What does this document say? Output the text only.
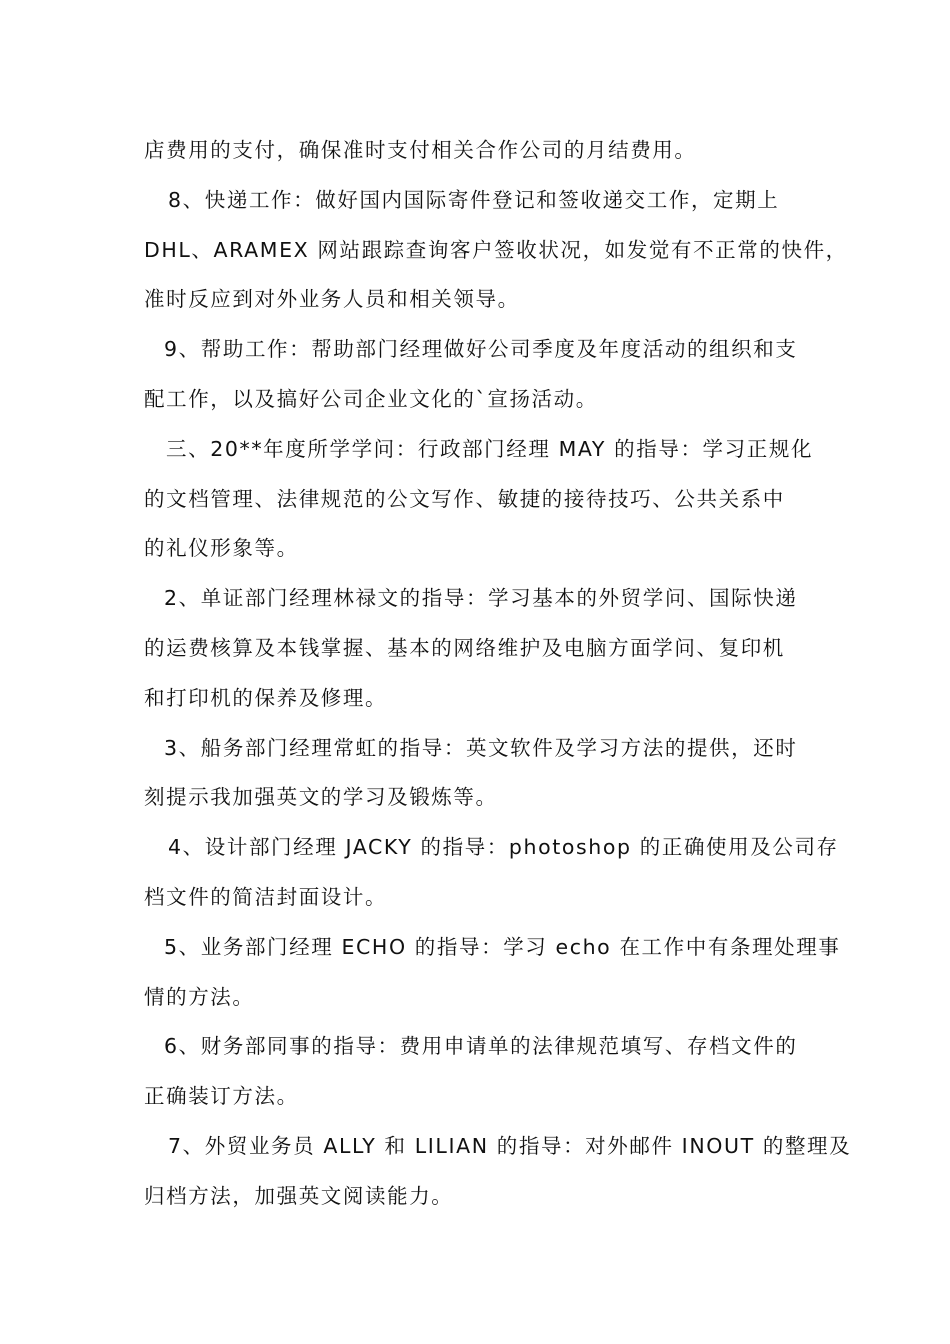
店费用的支付，确保准时支付相关合作公司的月结费用。
8、快递工作：做好国内国际寄件登记和签收递交工作，定期上
DHL、ARAMEX 网站跟踪查询客户签收状况，如发觉有不正常的快件，
准时反应到对外业务人员和相关领导。
9、帮助工作：帮助部门经理做好公司季度及年度活动的组织和支
配工作，以及搞好公司企业文化的`宣扬活动。
三、20**年度所学学问：行政部门经理 MAY 的指导：学习正规化
的文档管理、法律规范的公文写作、敏捷的接待技巧、公共关系中
的礼仪形象等。
2、单证部门经理林禄文的指导：学习基本的外贸学问、国际快递
的运费核算及本钱掌握、基本的网络维护及电脑方面学问、复印机
和打印机的保养及修理。
3、船务部门经理常虹的指导：英文软件及学习方法的提供，还时
刻提示我加强英文的学习及锻炼等。
4、设计部门经理 JACKY 的指导：photoshop 的正确使用及公司存
档文件的简洁封面设计。
5、业务部门经理 ECHO 的指导：学习 echo 在工作中有条理处理事
情的方法。
6、财务部同事的指导：费用申请单的法律规范填写、存档文件的
正确装订方法。
7、外贸业务员 ALLY 和 LILIAN 的指导：对外邮件 INOUT 的整理及
归档方法，加强英文阅读能力。
